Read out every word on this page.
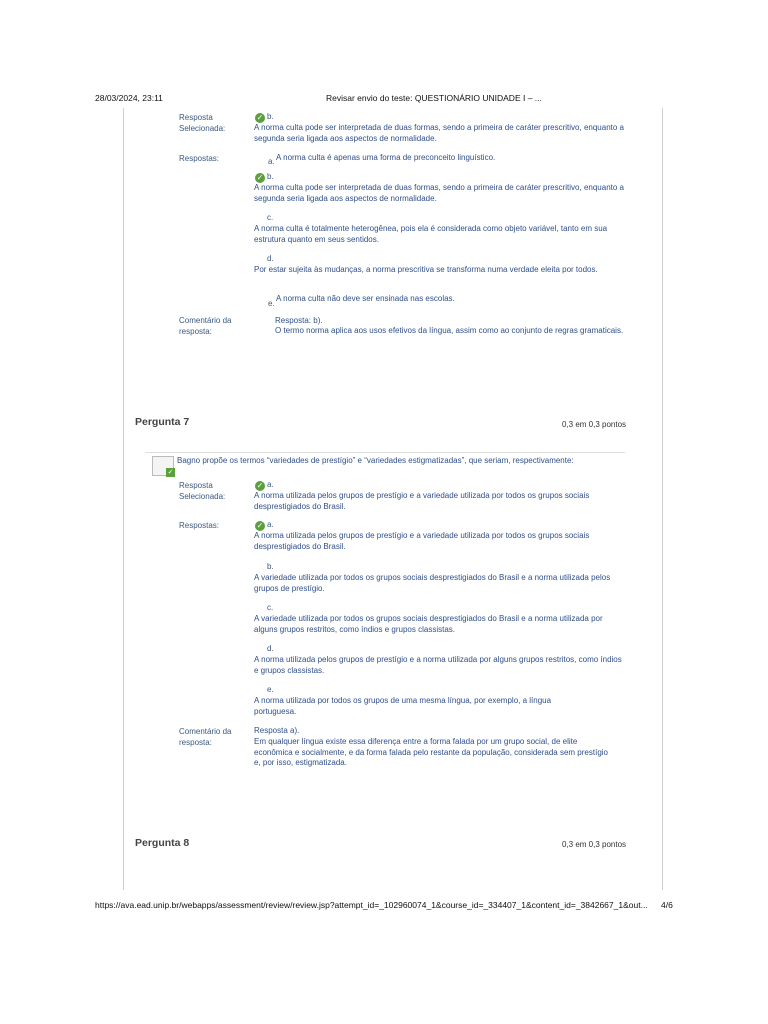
28/03/2024, 23:11	Revisar envio do teste: QUESTIONÁRIO UNIDADE I – ...
Resposta
Selecionada:
✓ b.
A norma culta pode ser interpretada de duas formas, sendo a primeira de caráter prescritivo, enquanto a segunda seria ligada aos aspectos de normalidade.
Respostas:	a. A norma culta é apenas uma forma de preconceito linguístico.
✓ b.
A norma culta pode ser interpretada de duas formas, sendo a primeira de caráter prescritivo, enquanto a segunda seria ligada aos aspectos de normalidade.
c.
A norma culta é totalmente heterogênea, pois ela é considerada como objeto variável, tanto em sua estrutura quanto em seus sentidos.
d.
Por estar sujeita às mudanças, a norma prescritiva se transforma numa verdade eleita por todos.
e.
A norma culta não deve ser ensinada nas escolas.
Comentário da
resposta:
Resposta: b).
O termo norma aplica aos usos efetivos da língua, assim como ao conjunto de regras gramaticais.
Pergunta 7	0,3 em 0,3 pontos
✓
Bagno propõe os termos “variedades de prestígio” e “variedades estigmatizadas”, que seriam, respectivamente:
Resposta
Selecionada:
✓ a.
A norma utilizada pelos grupos de prestígio e a variedade utilizada por todos os grupos sociais desprestigiados do Brasil.
Respostas:	✓ a.
A norma utilizada pelos grupos de prestígio e a variedade utilizada por todos os grupos sociais desprestigiados do Brasil.
b.
A variedade utilizada por todos os grupos sociais desprestigiados do Brasil e a norma utilizada pelos grupos de prestígio.
c.
A variedade utilizada por todos os grupos sociais desprestigiados do Brasil e a norma utilizada por alguns grupos restritos, como índios e grupos classistas.
d.
A norma utilizada pelos grupos de prestígio e a norma utilizada por alguns grupos restritos, como índios e grupos classistas.
e.
A norma utilizada por todos os grupos de uma mesma língua, por exemplo, a língua portuguesa.
Comentário da
resposta:
Resposta a).
Em qualquer língua existe essa diferença entre a forma falada por um grupo social, de elite econômica e socialmente, e da forma falada pelo restante da população, considerada sem prestígio e, por isso, estigmatizada.
Pergunta 8	0,3 em 0,3 pontos
https://ava.ead.unip.br/webapps/assessment/review/review.jsp?attempt_id=_102960074_1&course_id=_334407_1&content_id=_3842667_1&out... 4/6
